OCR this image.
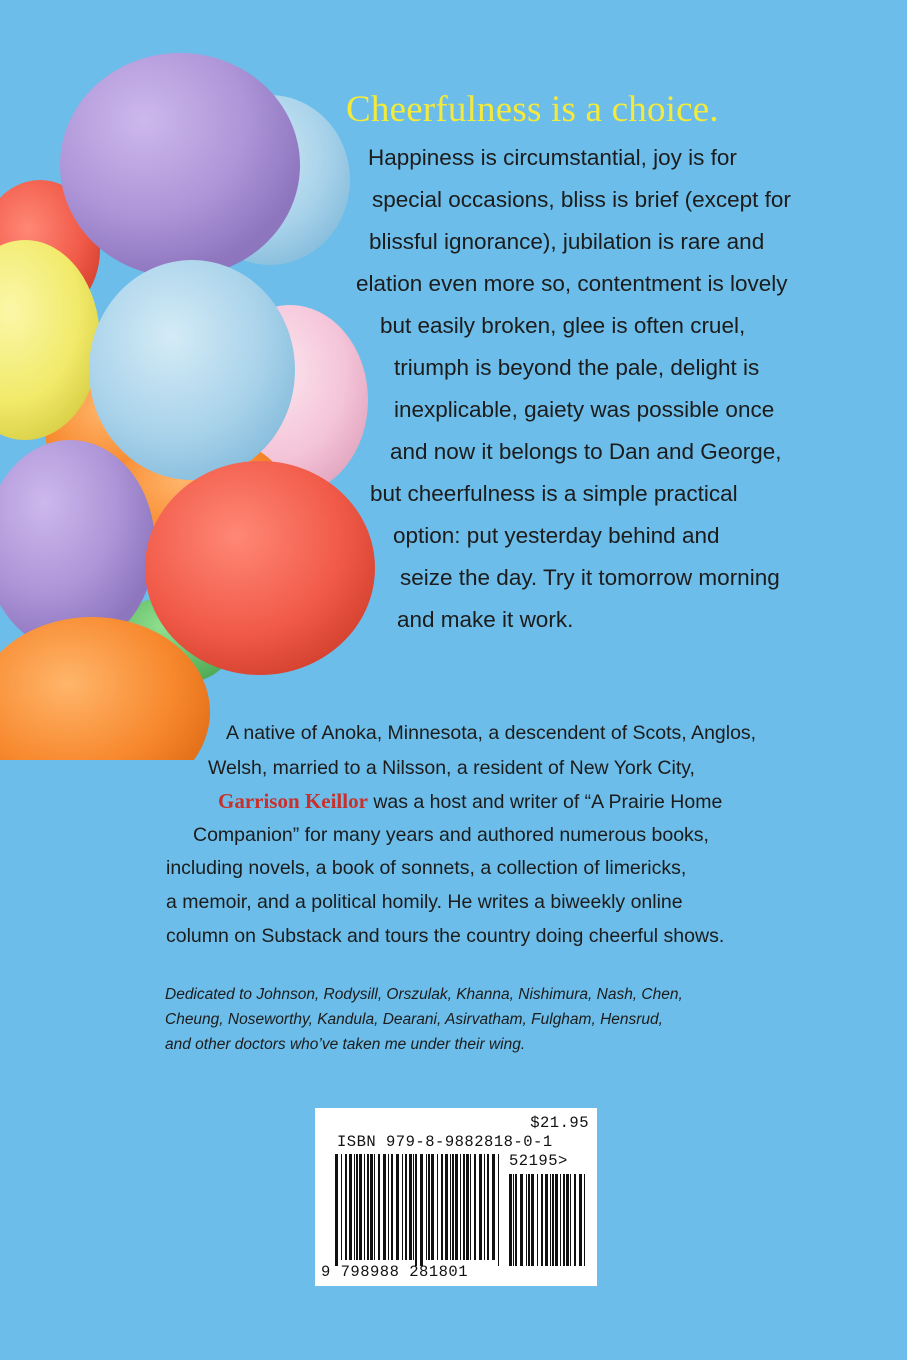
Cheerfulness is a choice.
Happiness is circumstantial, joy is for
special occasions, bliss is brief (except for
blissful ignorance), jubilation is rare and
elation even more so, contentment is lovely
but easily broken, glee is often cruel,
triumph is beyond the pale, delight is
inexplicable, gaiety was possible once
and now it belongs to Dan and George,
but cheerfulness is a simple practical
option: put yesterday behind and
seize the day. Try it tomorrow morning
and make it work.
A native of Anoka, Minnesota, a descendent of Scots, Anglos,
Welsh, married to a Nilsson, a resident of New York City,
Garrison Keillor was a host and writer of “A Prairie Home
Companion” for many years and authored numerous books,
including novels, a book of sonnets, a collection of limericks,
a memoir, and a political homily. He writes a biweekly online
column on Substack and tours the country doing cheerful shows.
Dedicated to Johnson, Rodysill, Orszulak, Khanna, Nishimura, Nash, Chen,
Cheung, Noseworthy, Kandula, Dearani, Asirvatham, Fulgham, Hensrud,
and other doctors who’ve taken me under their wing.
$21.95
ISBN 979-8-9882818-0-1
52195>
9 798988 281801
